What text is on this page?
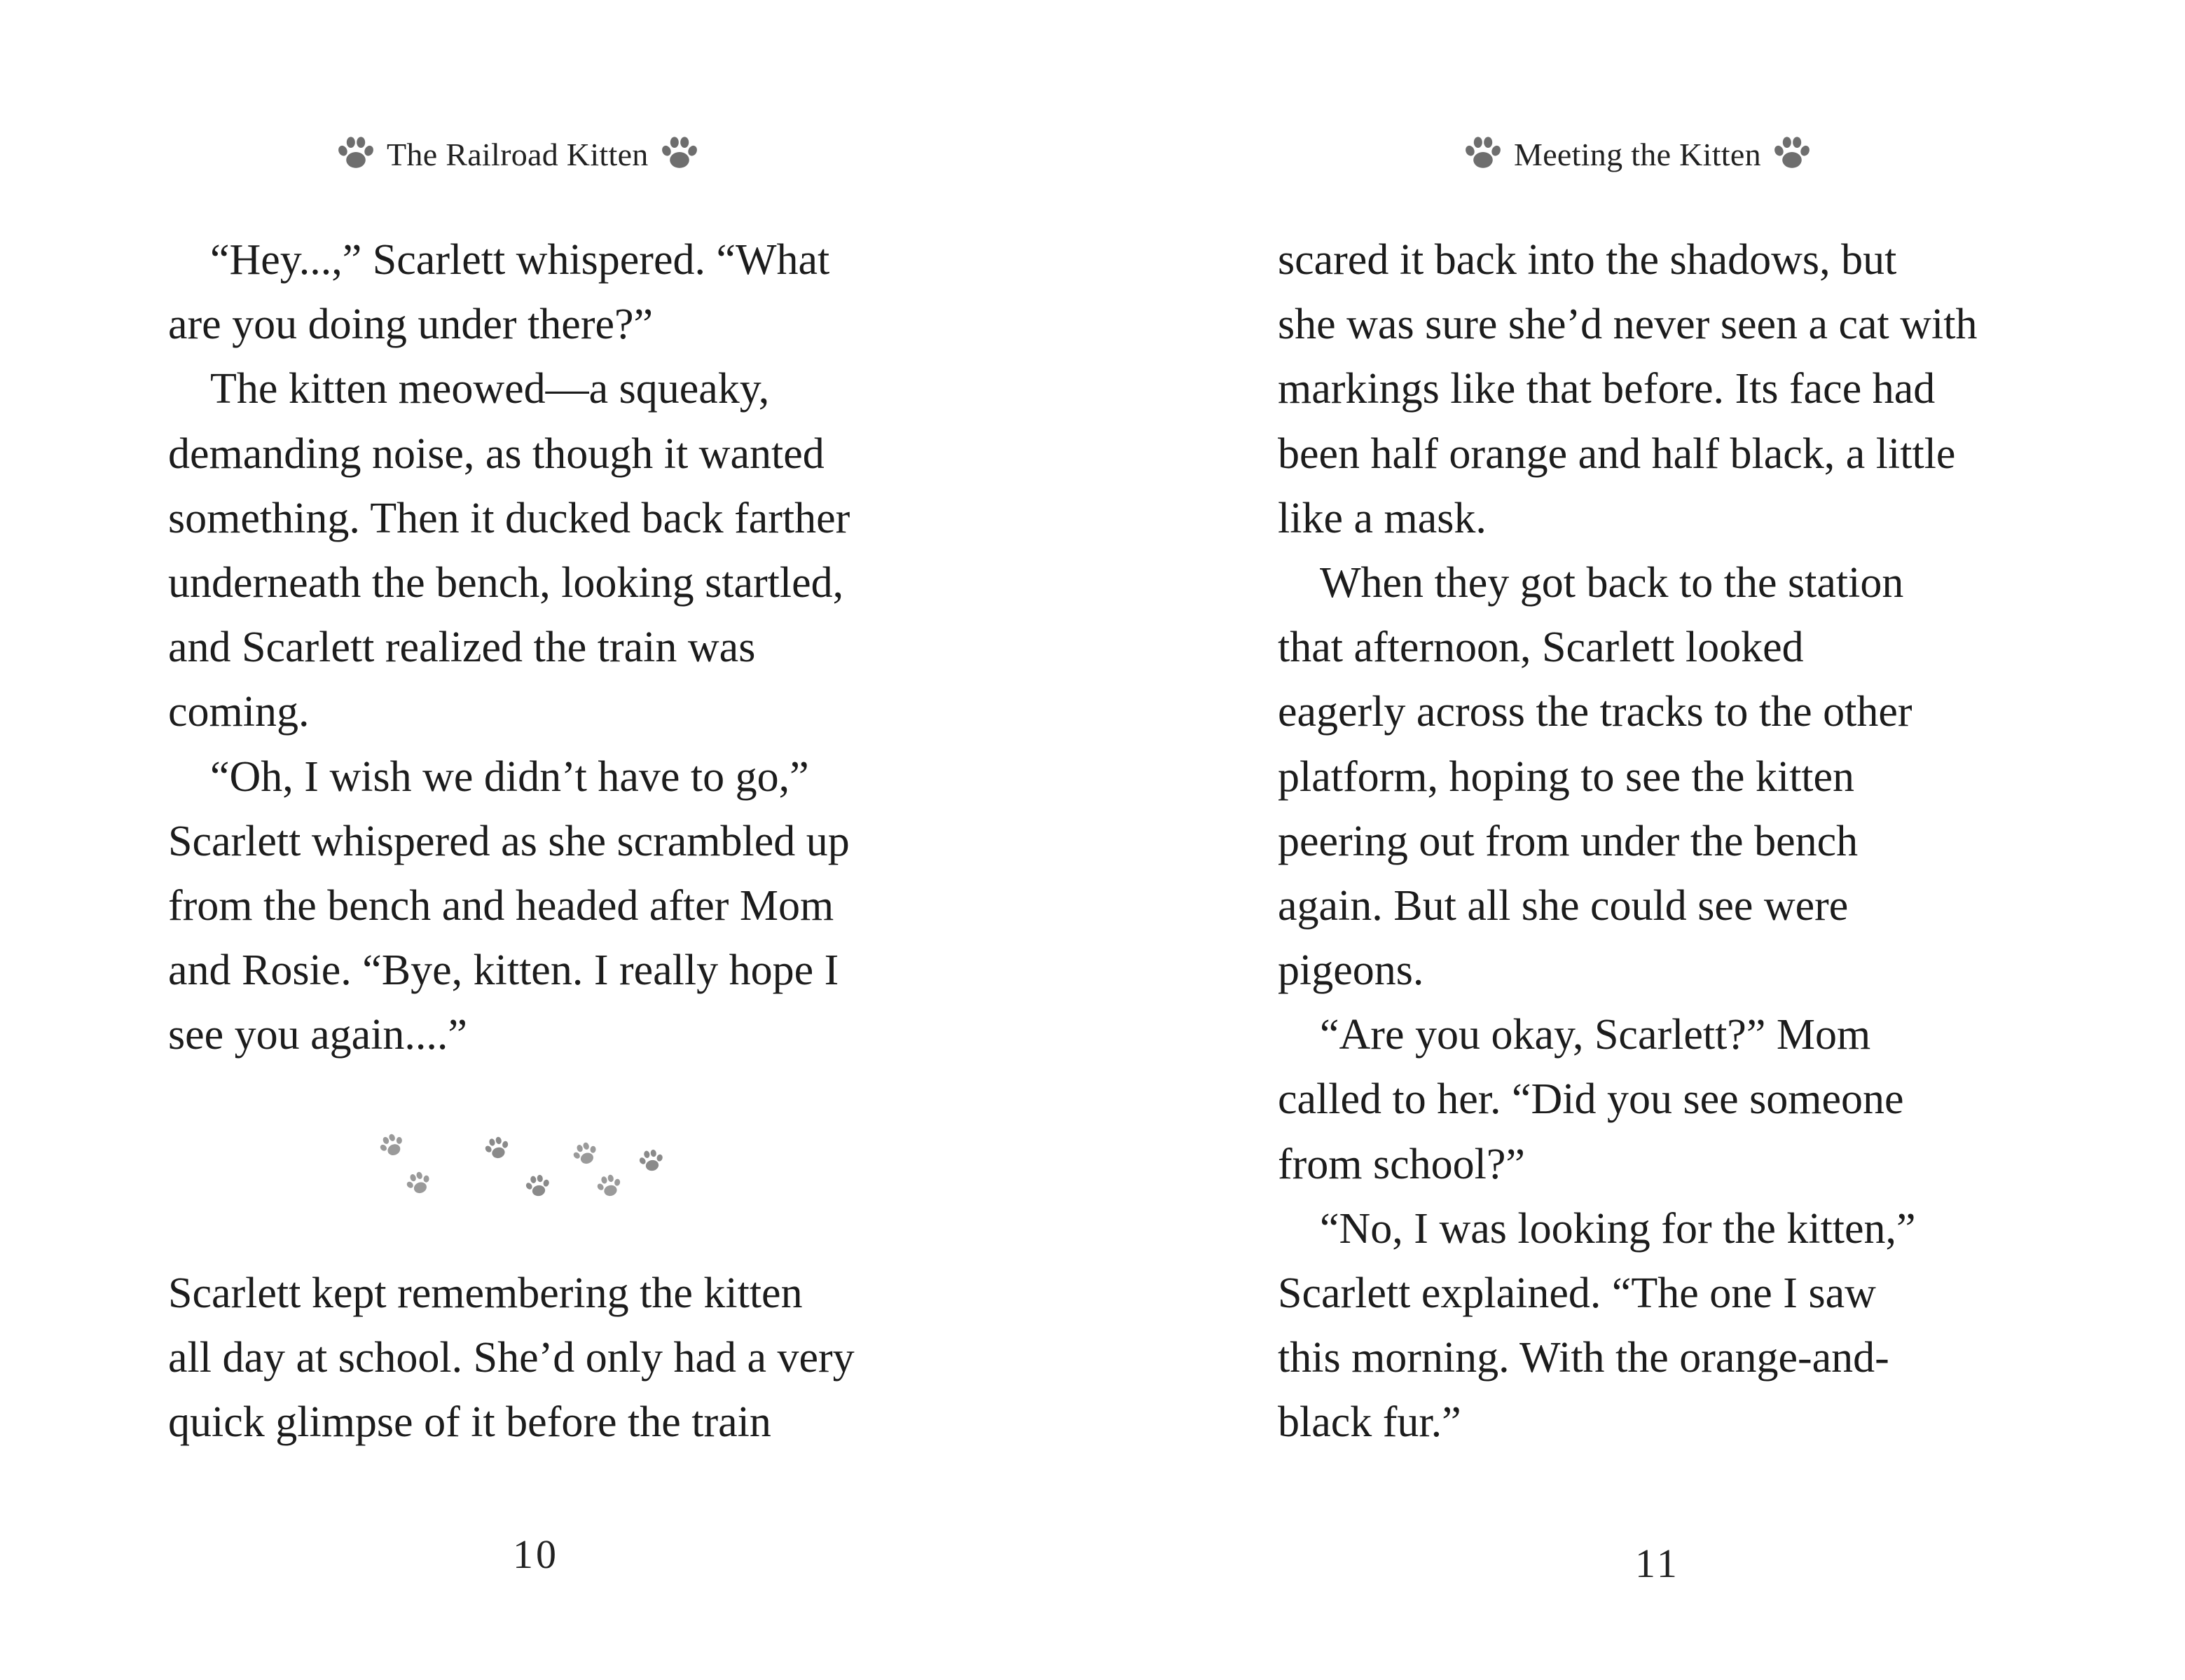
The Railroad Kitten
“Hey...,” Scarlett whispered. “What
are you doing under there?”
The kitten meowed—a squeaky,
demanding noise, as though it wanted
something. Then it ducked back farther
underneath the bench, looking startled,
and Scarlett realized the train was
coming.
“Oh, I wish we didn’t have to go,”
Scarlett whispered as she scrambled up
from the bench and headed after Mom
and Rosie. “Bye, kitten. I really hope I
see you again....”
Scarlett kept remembering the kitten
all day at school. She’d only had a very
quick glimpse of it before the train
10
Meeting the Kitten
scared it back into the shadows, but
she was sure she’d never seen a cat with
markings like that before. Its face had
been half orange and half black, a little
like a mask.
When they got back to the station
that afternoon, Scarlett looked
eagerly across the tracks to the other
platform, hoping to see the kitten
peering out from under the bench
again. But all she could see were
pigeons.
“Are you okay, Scarlett?” Mom
called to her. “Did you see someone
from school?”
“No, I was looking for the kitten,”
Scarlett explained. “The one I saw
this morning. With the orange-and-
black fur.”
11
